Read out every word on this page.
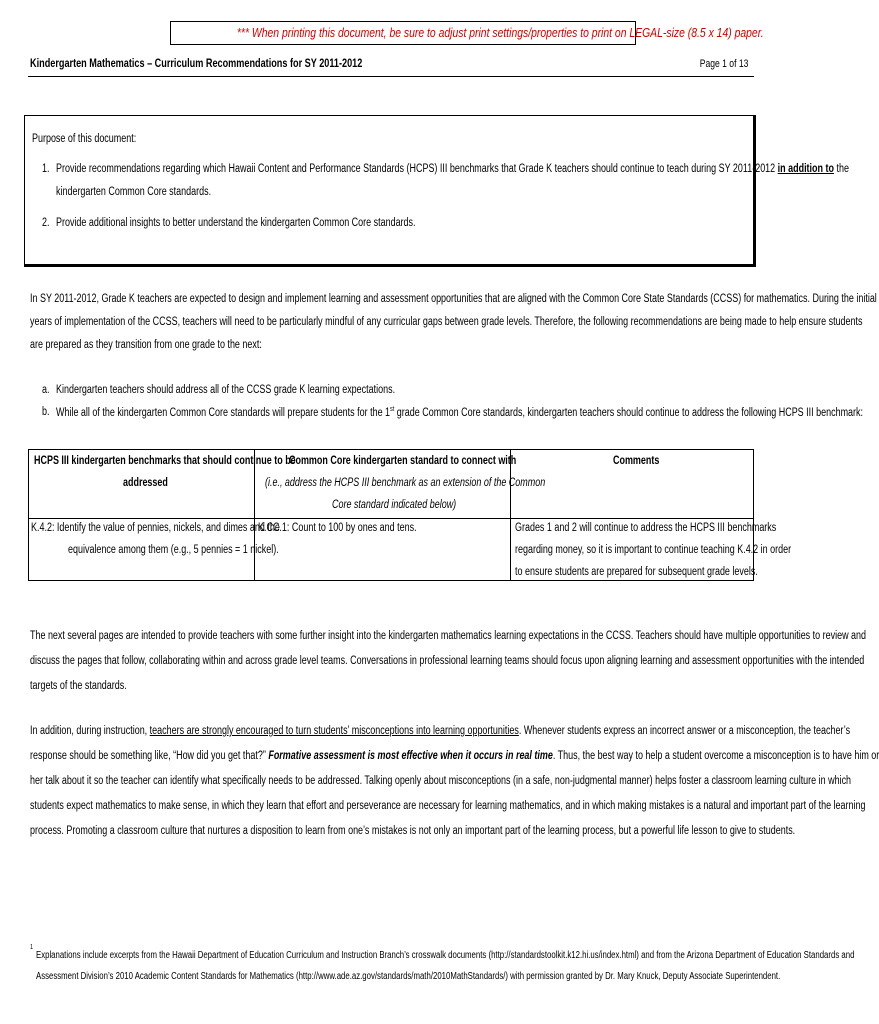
*** When printing this document, be sure to adjust print settings/properties to print on LEGAL-size (8.5 x 14) paper.
Kindergarten Mathematics – Curriculum Recommendations for SY 2011-2012	Page 1 of 13
Purpose of this document:
1. Provide recommendations regarding which Hawaii Content and Performance Standards (HCPS) III benchmarks that Grade K teachers should continue to teach during SY 2011-2012 in addition to the
kindergarten Common Core standards.
2. Provide additional insights to better understand the kindergarten Common Core standards.
In SY 2011-2012, Grade K teachers are expected to design and implement learning and assessment opportunities that are aligned with the Common Core State Standards (CCSS) for mathematics. During the initial
years of implementation of the CCSS, teachers will need to be particularly mindful of any curricular gaps between grade levels. Therefore, the following recommendations are being made to help ensure students
are prepared as they transition from one grade to the next:
a. Kindergarten teachers should address all of the CCSS grade K learning expectations.
b. While all of the kindergarten Common Core standards will prepare students for the 1st grade Common Core standards, kindergarten teachers should continue to address the following HCPS III benchmark:
HCPS III kindergarten benchmarks that should continue to be
addressed
Common Core kindergarten standard to connect with
(i.e., address the HCPS III benchmark as an extension of the Common
Core standard indicated below)
Comments
K.4.2: Identify the value of pennies, nickels, and dimes and the
equivalence among them (e.g., 5 pennies = 1 nickel).
K.CC.1: Count to 100 by ones and tens.	Grades 1 and 2 will continue to address the HCPS III benchmarks
regarding money, so it is important to continue teaching K.4.2 in order
to ensure students are prepared for subsequent grade levels.
The next several pages are intended to provide teachers with some further insight into the kindergarten mathematics learning expectations in the CCSS. Teachers should have multiple opportunities to review and
discuss the pages that follow, collaborating within and across grade level teams. Conversations in professional learning teams should focus upon aligning learning and assessment opportunities with the intended
targets of the standards.
In addition, during instruction, teachers are strongly encouraged to turn students’ misconceptions into learning opportunities. Whenever students express an incorrect answer or a misconception, the teacher’s
response should be something like, “How did you get that?” Formative assessment is most effective when it occurs in real time. Thus, the best way to help a student overcome a misconception is to have him or
her talk about it so the teacher can identify what specifically needs to be addressed. Talking openly about misconceptions (in a safe, non-judgmental manner) helps foster a classroom learning culture in which
students expect mathematics to make sense, in which they learn that effort and perseverance are necessary for learning mathematics, and in which making mistakes is a natural and important part of the learning
process. Promoting a classroom culture that nurtures a disposition to learn from one’s mistakes is not only an important part of the learning process, but a powerful life lesson to give to students.
1
Explanations include excerpts from the Hawaii Department of Education Curriculum and Instruction Branch’s crosswalk documents (http://standardstoolkit.k12.hi.us/index.html) and from the Arizona Department of Education Standards and
Assessment Division’s 2010 Academic Content Standards for Mathematics (http://www.ade.az.gov/standards/math/2010MathStandards/) with permission granted by Dr. Mary Knuck, Deputy Associate Superintendent.
